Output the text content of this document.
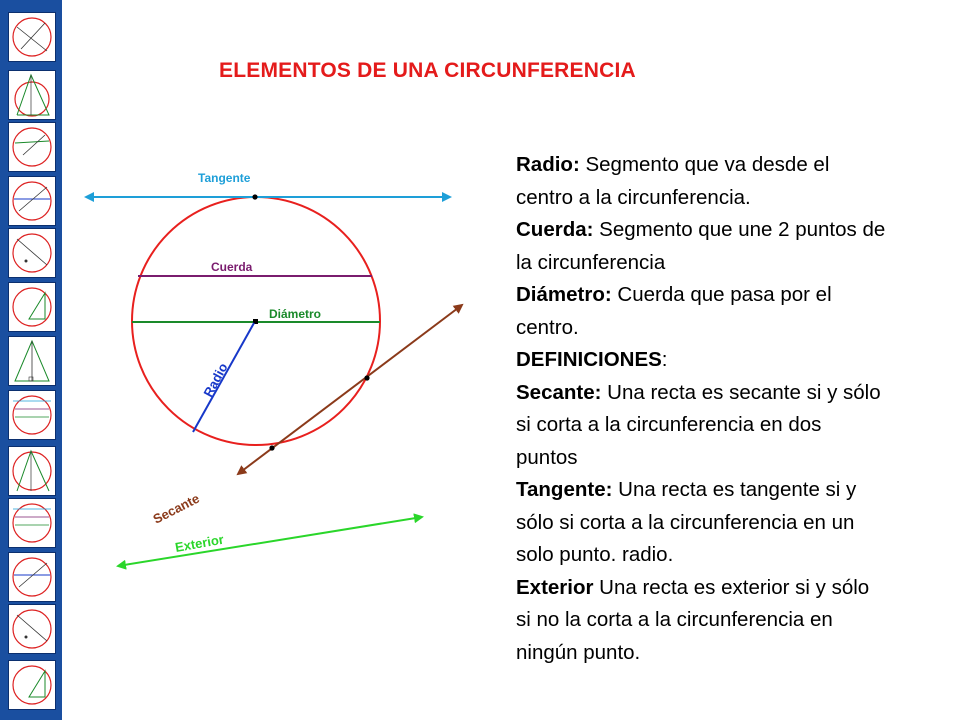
ELEMENTOS DE UNA CIRCUNFERENCIA
Tangente
Cuerda
Diámetro
Radio
Secante
Exterior
Radio: Segmento que va desde el
centro a la circunferencia.
Cuerda: Segmento que une 2 puntos de
la circunferencia
Diámetro: Cuerda que pasa por el
centro.
DEFINICIONES:
Secante: Una recta es secante si y sólo
si corta a la circunferencia en dos
puntos
Tangente: Una recta es tangente si y
sólo si corta a la circunferencia en un
solo punto. radio.
Exterior Una recta es exterior si y sólo
si no la corta a la circunferencia en
ningún punto.
